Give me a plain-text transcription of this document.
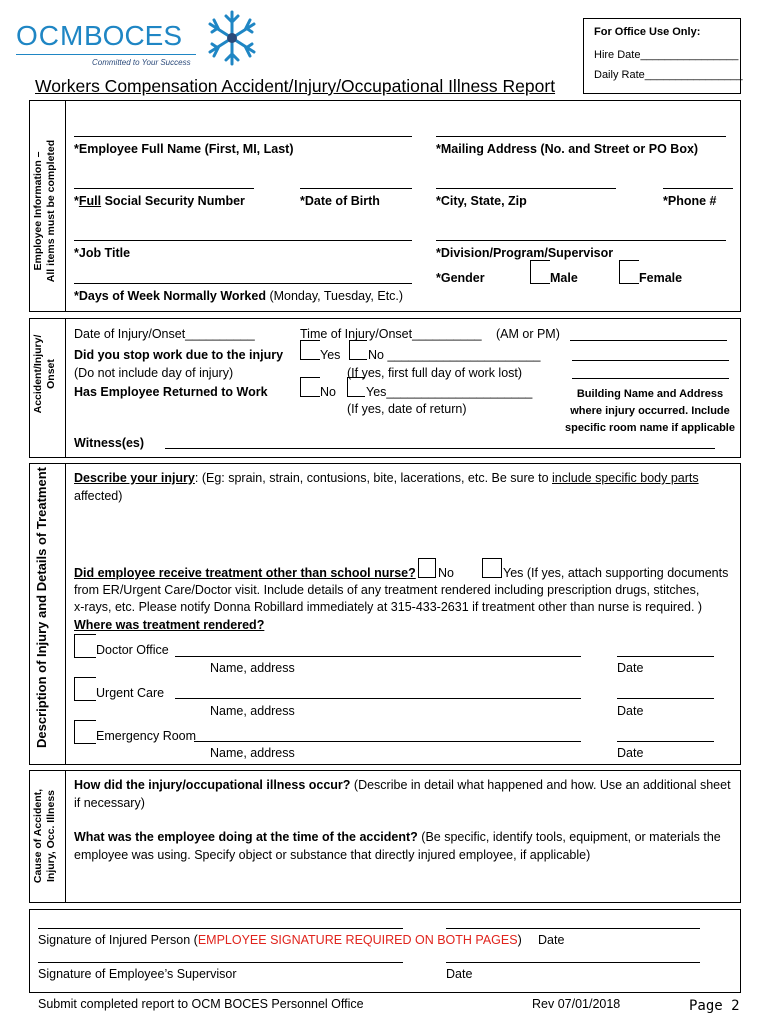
OCM BOCES
Committed to Your Success
For Office Use Only:
Hire Date________________
Daily Rate________________
Workers Compensation Accident/Injury/Occupational Illness Report
Employee Information – All items must be completed *Employee Full Name (First, MI, Last)	*Mailing Address (No. and Street or PO Box)
*Full Social Security Number	*Date of Birth	*City, State, Zip	*Phone #
*Job Title	*Division/Program/Supervisor
*Gender	Male	Female
*Days of Week Normally Worked (Monday, Tuesday, Etc.)
Accident/Injury/ Onset
Date of Injury/Onset__________	Time of Injury/Onset__________ (AM or PM)
Did you stop work due to the injury
(Do not include day of injury)
Yes No ______________________
(If yes, first full day of work lost)
Has Employee Returned to Work	No Yes_____________________
(If yes, date of return)
Building Name and Address
where injury occurred. Include
specific room name if applicable
Witness(es)
Description of Injury and Details of Treatment	Describe your injury: (Eg: sprain, strain, contusions, bite, lacerations, etc. Be sure to include specific body parts
affected)
Did employee receive treatment other than school nurse? No	Yes (If yes, attach supporting documents
from ER/Urgent Care/Doctor visit. Include details of any treatment rendered including prescription drugs, stitches,
x-rays, etc. Please notify Donna Robillard immediately at 315-433-2631 if treatment other than nurse is required. )
Where was treatment rendered?
Doctor Office
Name, address	Date
Urgent Care
Name, address	Date
Emergency Room
Name, address	Date
Cause of Accident, Injury, Occ. Illness
How did the injury/occupational illness occur? (Describe in detail what happened and how. Use an additional sheet
if necessary)
What was the employee doing at the time of the accident? (Be specific, identify tools, equipment, or materials the
employee was using. Specify object or substance that directly injured employee, if applicable)
Signature of Injured Person (EMPLOYEE SIGNATURE REQUIRED ON BOTH PAGES) Date
Signature of Employee’s Supervisor	Date
Submit completed report to OCM BOCES Personnel Office	Rev 07/01/2018	Page 2
